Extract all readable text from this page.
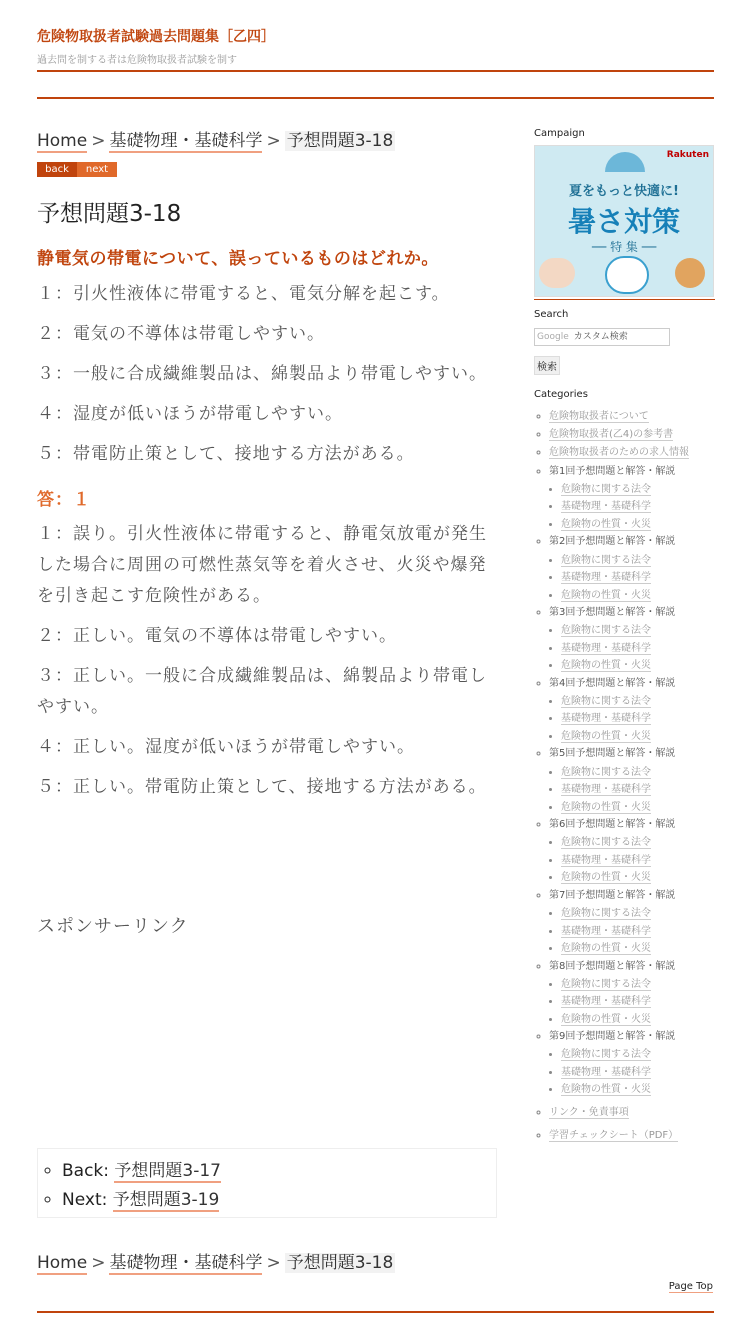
危険物取扱者試験過去問題集［乙四］
過去問を制する者は危険物取扱者試験を制す
Home > 基礎物理・基礎科学 > 予想問題3-18
back	next
予想問題3-18
静電気の帯電について、誤っているものはどれか。
１：引火性液体に帯電すると、電気分解を起こす。
２：電気の不導体は帯電しやすい。
３：一般に合成繊維製品は、綿製品より帯電しやすい。
４：湿度が低いほうが帯電しやすい。
５：帯電防止策として、接地する方法がある。
答：１
１：誤り。引火性液体に帯電すると、静電気放電が発生した場合に周囲の可燃性蒸気等を着火させ、火災や爆発を引き起こす危険性がある。
２：正しい。電気の不導体は帯電しやすい。
３：正しい。一般に合成繊維製品は、綿製品より帯電しやすい。
４：正しい。湿度が低いほうが帯電しやすい。
５：正しい。帯電防止策として、接地する方法がある。
スポンサーリンク
◦ Back: 予想問題3-17
◦ Next: 予想問題3-19
Home > 基礎物理・基礎科学 > 予想問題3-18
Campaign
Rakuten
夏をもっと快適に!
暑さ対策
── 特 集 ──
Search
Google カスタム検索
検索
Categories
◦ 危険物取扱者について
◦ 危険物取扱者(乙4)の参考書
◦ 危険物取扱者のための求人情報
◦ 第1回予想問題と解答・解説
• 危険物に関する法令
• 基礎物理・基礎科学
• 危険物の性質・火災
◦ 第2回予想問題と解答・解説
• 危険物に関する法令
• 基礎物理・基礎科学
• 危険物の性質・火災
◦ 第3回予想問題と解答・解説
• 危険物に関する法令
• 基礎物理・基礎科学
• 危険物の性質・火災
◦ 第4回予想問題と解答・解説
• 危険物に関する法令
• 基礎物理・基礎科学
• 危険物の性質・火災
◦ 第5回予想問題と解答・解説
• 危険物に関する法令
• 基礎物理・基礎科学
• 危険物の性質・火災
◦ 第6回予想問題と解答・解説
• 危険物に関する法令
• 基礎物理・基礎科学
• 危険物の性質・火災
◦ 第7回予想問題と解答・解説
• 危険物に関する法令
• 基礎物理・基礎科学
• 危険物の性質・火災
◦ 第8回予想問題と解答・解説
• 危険物に関する法令
• 基礎物理・基礎科学
• 危険物の性質・火災
◦ 第9回予想問題と解答・解説
• 危険物に関する法令
• 基礎物理・基礎科学
• 危険物の性質・火災
◦ リンク・免責事項
◦ 学習チェックシート（PDF）
Page Top
